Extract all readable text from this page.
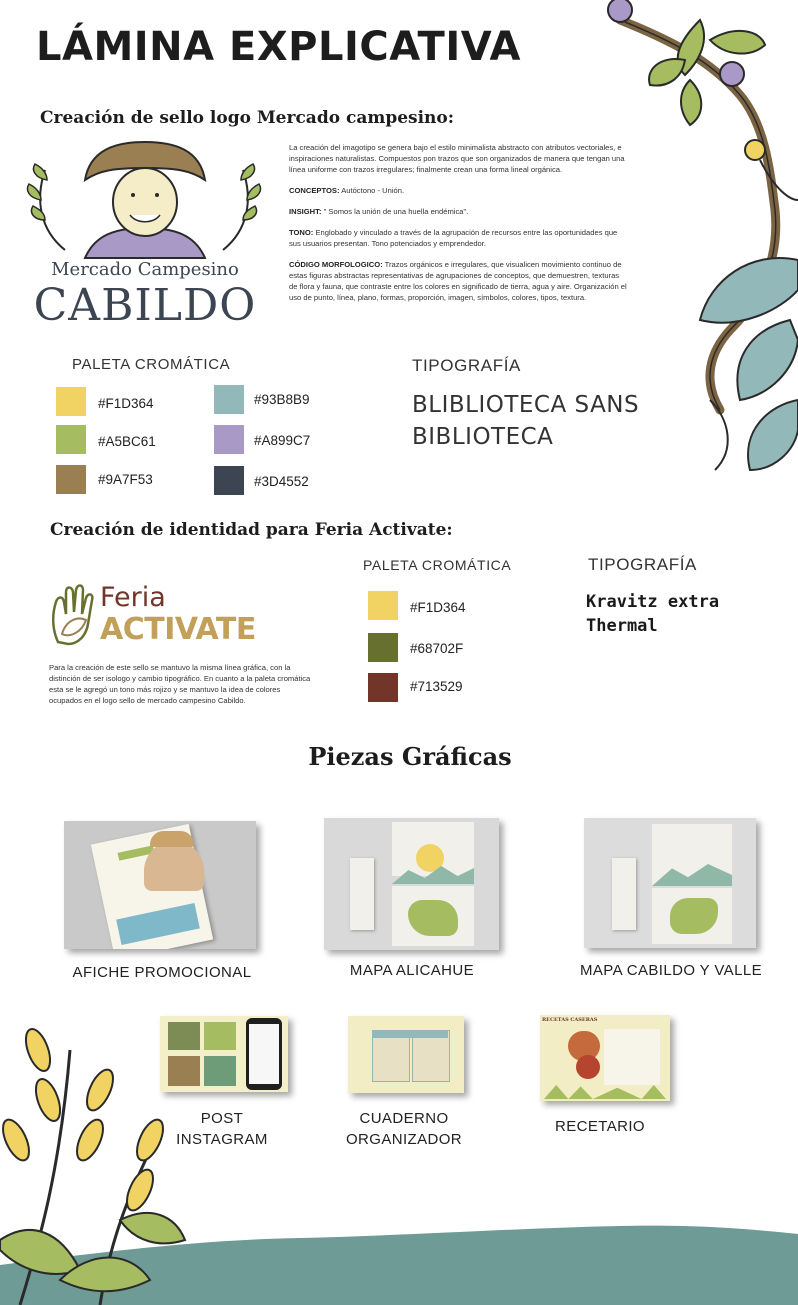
LÁMINA EXPLICATIVA
Creación de sello logo Mercado campesino:
Mercado Campesino
CABILDO

La creación del imagotipo se genera bajo el estilo minimalista abstracto con atributos vectoriales, e inspiraciones naturalistas. Compuestos pon trazos que son organizados de manera que tengan una línea uniforme con trazos irregulares; finalmente crean una forma lineal orgánica.

CONCEPTOS: Autóctono - Unión.

INSIGHT: " Somos la unión de una huella endémica".

TONO: Englobado y vinculado a través de la agrupación de recursos entre las oportunidades que sus usuarios presentan. Tono potenciados y emprendedor.

CÓDIGO MORFOLOGICO: Trazos orgánicos e irregulares, que visualicen movimiento continuo de estas figuras abstractas representativas de agrupaciones de conceptos, que demuestren, texturas de flora y fauna, que contraste entre los colores en significado de tierra, agua y aire. Organización el uso de punto, línea, plano, formas, proporción, imagen, símbolos, colores, tipos, textura.

PALETA CROMÁTICA
#F1D364
#A5BC61
#9A7F53
#93B8B9
#A899C7
#3D4552
TIPOGRAFÍA
BLIBLIOTECA SANS
BIBLIOTECA
Creación de identidad para Feria Activate:
Feria
ACTIVATE
Para la creación de este sello se mantuvo la misma línea gráfica, con la distinción de ser isologo y cambio tipográfico. En cuanto a la paleta cromática esta se le agregó un tono más rojizo y se mantuvo la idea de colores ocupados en el logo sello de mercado campesino Cabildo.
PALETA CROMÁTICA
#F1D364
#68702F
#713529
TIPOGRAFÍA
Kravitz extra
Thermal
Piezas Gráficas
AFICHE PROMOCIONAL	MAPA ALICAHUE	MAPA CABILDO Y VALLE
POST
INSTAGRAM
CUADERNO
ORGANIZADOR
RECETAS CASERAS
RECETARIO
